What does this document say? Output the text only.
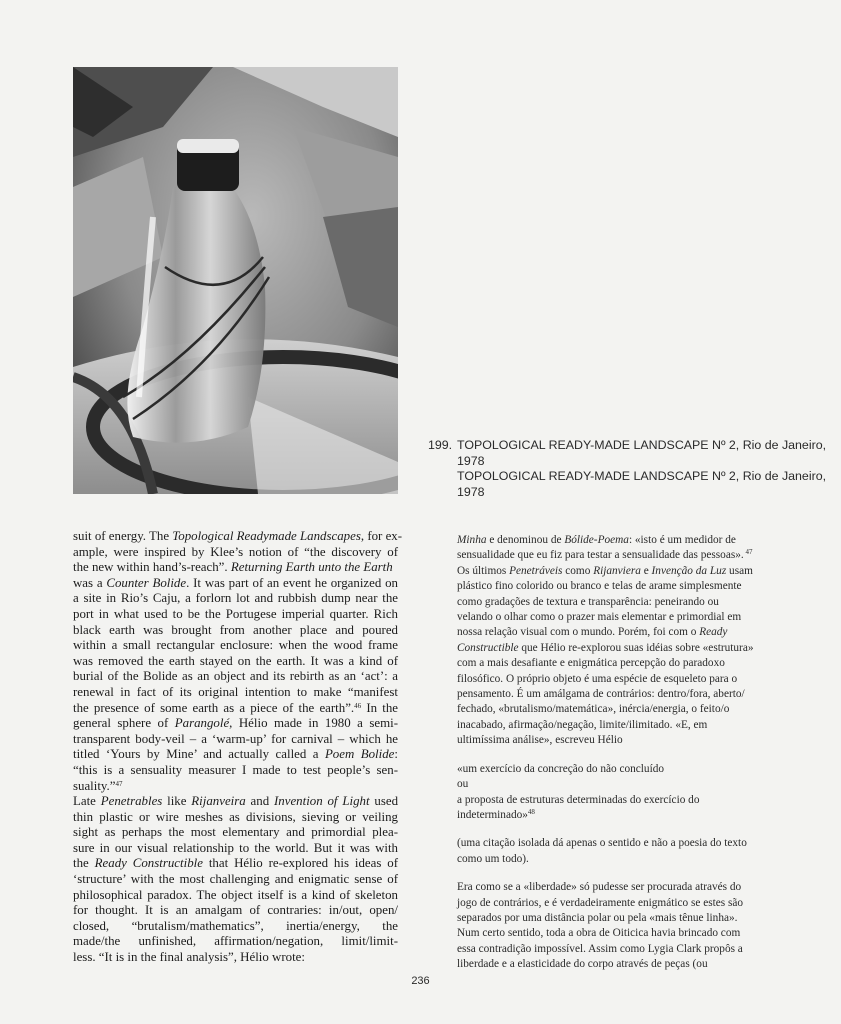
199. TOPOLOGICAL READY-MADE LANDSCAPE Nº 2, Rio de Janeiro,
1978
TOPOLOGICAL READY-MADE LANDSCAPE Nº 2, Rio de Janeiro,
1978
suit of energy. The Topological Readymade Landscapes, for ex-
ample, were inspired by Klee’s notion of “the discovery of
the new within hand’s-reach”. Returning Earth unto the Earth
was a Counter Bolide. It was part of an event he organized on
a site in Rio’s Caju, a forlorn lot and rubbish dump near the
port in what used to be the Portugese imperial quarter. Rich
black earth was brought from another place and poured
within a small rectangular enclosure: when the wood frame
was removed the earth stayed on the earth. It was a kind of
burial of the Bolide as an object and its rebirth as an ‘act’: a
renewal in fact of its original intention to make “manifest
the presence of some earth as a piece of the earth”.$^{46}$ In the
general sphere of Parangolé, Hélio made in 1980 a semi-
transparent body-veil – a ‘warm-up’ for carnival – which he
titled ‘Yours by Mine’ and actually called a Poem Bolide:
“this is a sensuality measurer I made to test people’s sen-
suality.”$^{47}$
Late Penetrables like Rijanveira and Invention of Light used
thin plastic or wire meshes as divisions, sieving or veiling
sight as perhaps the most elementary and primordial plea-
sure in our visual relationship to the world. But it was with
the Ready Constructible that Hélio re-explored his ideas of
‘structure’ with the most challenging and enigmatic sense of
philosophical paradox. The object itself is a kind of skeleton
for thought. It is an amalgam of contraries: in/out, open/
closed, “brutalism/mathematics”, inertia/energy, the
made/the unfinished, affirmation/negation, limit/limit-
less. “It is in the final analysis”, Hélio wrote:
Minha e denominou de Bólide-Poema: «isto é um medidor de
sensualidade que eu fiz para testar a sensualidade das pessoas». $^{47}$
Os últimos Penetráveis como Rijanviera e Invenção da Luz usam
plástico fino colorido ou branco e telas de arame simplesmente
como gradações de textura e transparência: peneirando ou
velando o olhar como o prazer mais elementar e primordial em
nossa relação visual com o mundo. Porém, foi com o Ready
Constructible que Hélio re-explorou suas idéias sobre «estrutura»
com a mais desafiante e enigmática percepção do paradoxo
filosófico. O próprio objeto é uma espécie de esqueleto para o
pensamento. É um amálgama de contrários: dentro/fora, aberto/
fechado, «brutalismo/matemática», inércia/energia, o feito/o
inacabado, afirmação/negação, limite/ilimitado. «E, em
ultimíssima análise», escreveu Hélio
«um exercício da concreção do não concluído
ou
a proposta de estruturas determinadas do exercício do
indeterminado»$^{48}$
(uma citação isolada dá apenas o sentido e não a poesia do texto
como um todo).
Era como se a «liberdade» só pudesse ser procurada através do
jogo de contrários, e é verdadeiramente enigmático se estes são
separados por uma distância polar ou pela «mais tênue linha».
Num certo sentido, toda a obra de Oiticica havia brincado com
essa contradição impossível. Assim como Lygia Clark propôs a
liberdade e a elasticidade do corpo através de peças (ou
236
